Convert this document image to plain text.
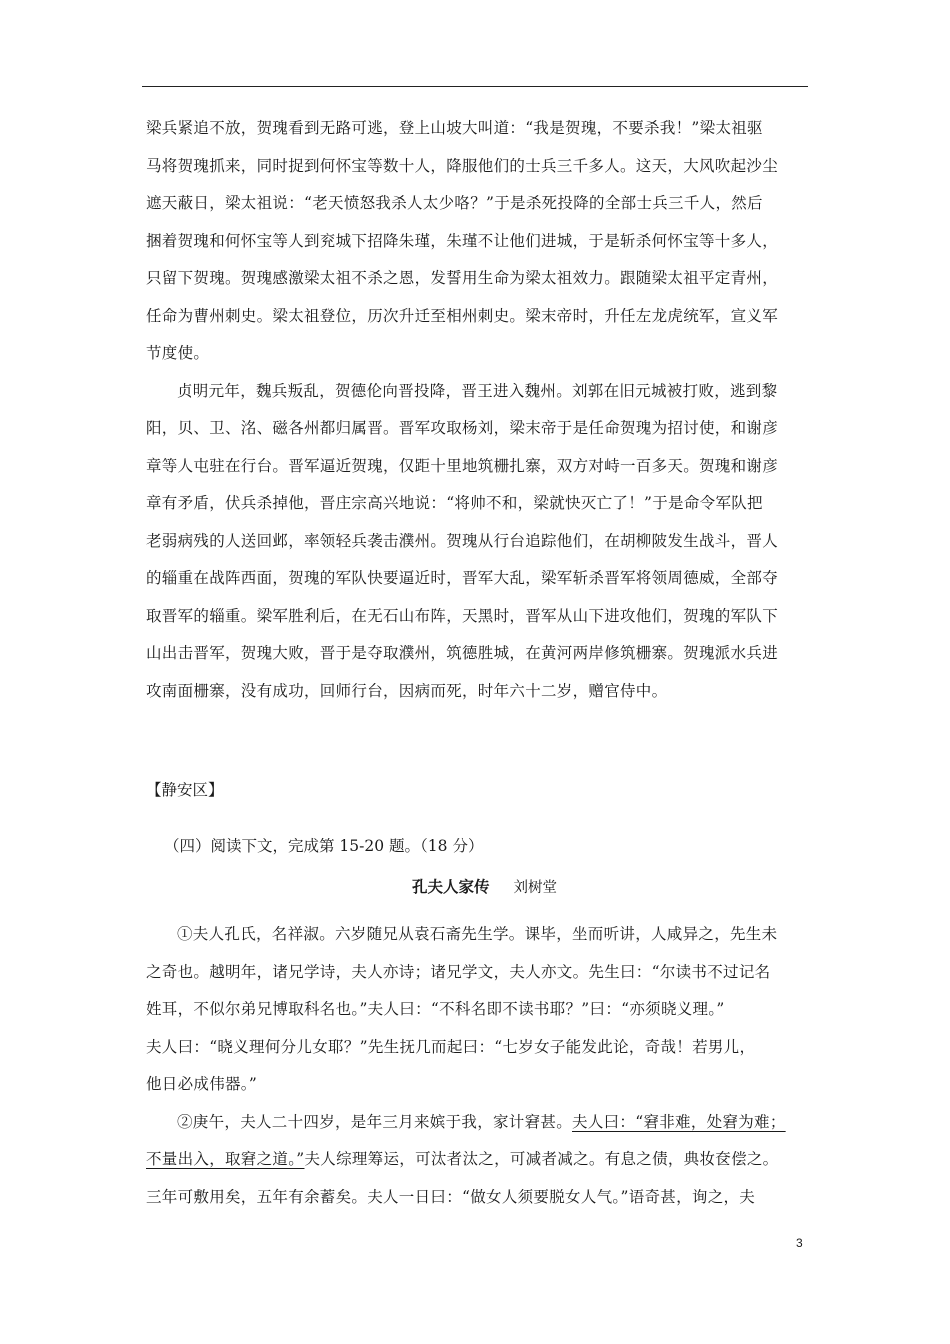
梁兵紧追不放，贺瑰看到无路可逃，登上山坡大叫道：“我是贺瑰，不要杀我！”梁太祖驱
马将贺瑰抓来，同时捉到何怀宝等数十人，降服他们的士兵三千多人。这天，大风吹起沙尘
遮天蔽日，梁太祖说：“老天愤怒我杀人太少咯？”于是杀死投降的全部士兵三千人，然后
捆着贺瑰和何怀宝等人到兖城下招降朱瑾，朱瑾不让他们进城，于是斩杀何怀宝等十多人，
只留下贺瑰。贺瑰感激梁太祖不杀之恩，发誓用生命为梁太祖效力。跟随梁太祖平定青州，
任命为曹州刺史。梁太祖登位，历次升迁至相州刺史。梁末帝时，升任左龙虎统军，宣义军
节度使。
贞明元年，魏兵叛乱，贺德伦向晋投降，晋王进入魏州。刘郭在旧元城被打败，逃到黎
阳，贝、卫、洺、磁各州都归属晋。晋军攻取杨刘，梁末帝于是任命贺瑰为招讨使，和谢彦
章等人屯驻在行台。晋军逼近贺瑰，仅距十里地筑栅扎寨，双方对峙一百多天。贺瑰和谢彦
章有矛盾，伏兵杀掉他，晋庄宗高兴地说：“将帅不和，梁就快灭亡了！”于是命令军队把
老弱病残的人送回邺，率领轻兵袭击濮州。贺瑰从行台追踪他们，在胡柳陂发生战斗，晋人
的辎重在战阵西面，贺瑰的军队快要逼近时，晋军大乱，梁军斩杀晋军将领周德威，全部夺
取晋军的辎重。梁军胜利后，在无石山布阵，天黑时，晋军从山下进攻他们，贺瑰的军队下
山出击晋军，贺瑰大败，晋于是夺取濮州，筑德胜城，在黄河两岸修筑栅寨。贺瑰派水兵进
攻南面栅寨，没有成功，回师行台，因病而死，时年六十二岁，赠官侍中。
【静安区】
（四）阅读下文，完成第 15-20 题。（18 分）
孔夫人家传 刘树堂
①夫人孔氏，名祥淑。六岁随兄从袁石斋先生学。课毕，坐而听讲，人咸异之，先生未
之奇也。越明年，诸兄学诗，夫人亦诗；诸兄学文，夫人亦文。先生曰：“尔读书不过记名
姓耳，不似尔弟兄博取科名也。”夫人曰：“不科名即不读书耶？”曰：“亦须晓义理。”
夫人曰：“晓义理何分儿女耶？”先生抚几而起曰：“七岁女子能发此论，奇哉！若男儿，
他日必成伟器。”
②庚午，夫人二十四岁，是年三月来嫔于我，家计窘甚。夫人曰：“窘非难，处窘为难；
不量出入，取窘之道。”夫人综理筹运，可汰者汰之，可减者减之。有息之债，典妆奁偿之。
三年可敷用矣，五年有余蓄矣。夫人一日曰：“做女人须要脱女人气。”语奇甚，询之，夫
3
